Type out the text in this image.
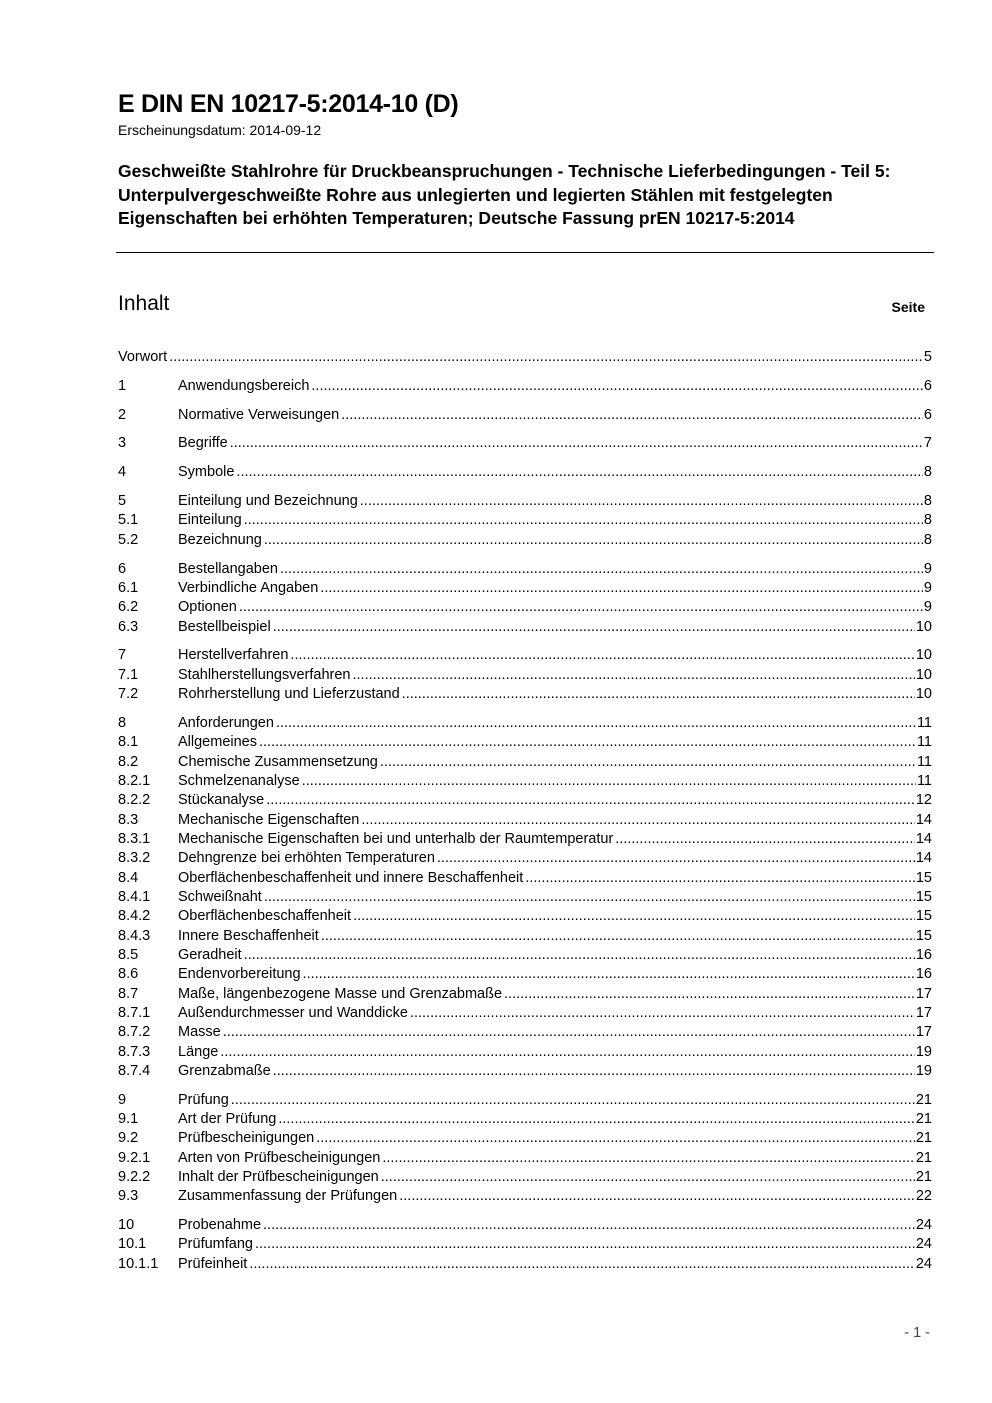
E DIN EN 10217-5:2014-10 (D)
Erscheinungsdatum: 2014-09-12
Geschweißte Stahlrohre für Druckbeanspruchungen - Technische Lieferbedingungen - Teil 5: Unterpulvergeschweißte Rohre aus unlegierten und legierten Stählen mit festgelegten Eigenschaften bei erhöhten Temperaturen; Deutsche Fassung prEN 10217-5:2014
Inhalt	Seite
Vorwort .....	5
1	Anwendungsbereich .....	6
2	Normative Verweisungen .....	6
3	Begriffe .....	7
4	Symbole .....	8
5	Einteilung und Bezeichnung .....	8
5.1	Einteilung .....	8
5.2	Bezeichnung .....	8
6	Bestellangaben .....	9
6.1	Verbindliche Angaben .....	9
6.2	Optionen .....	9
6.3	Bestellbeispiel .....	10
7	Herstellverfahren .....	10
7.1	Stahlherstellungsverfahren .....	10
7.2	Rohrherstellung und Lieferzustand .....	10
8	Anforderungen .....	11
8.1	Allgemeines .....	11
8.2	Chemische Zusammensetzung .....	11
8.2.1 Schmelzenanalyse .....	11
8.2.2 Stückanalyse .....	12
8.3	Mechanische Eigenschaften .....	14
8.3.1 Mechanische Eigenschaften bei und unterhalb der Raumtemperatur .....	14
8.3.2 Dehngrenze bei erhöhten Temperaturen .....	14
8.4	Oberflächenbeschaffenheit und innere Beschaffenheit .....	15
8.4.1 Schweißnaht .....	15
8.4.2 Oberflächenbeschaffenheit .....	15
8.4.3 Innere Beschaffenheit .....	15
8.5	Geradheit .....	16
8.6	Endenvorbereitung .....	16
8.7	Maße, längenbezogene Masse und Grenzabmaße .....	17
8.7.1 Außendurchmesser und Wanddicke .....	17
8.7.2 Masse .....	17
8.7.3 Länge .....	19
8.7.4 Grenzabmaße .....	19
9	Prüfung .....	21
9.1	Art der Prüfung .....	21
9.2	Prüfbescheinigungen .....	21
9.2.1 Arten von Prüfbescheinigungen .....	21
9.2.2 Inhalt der Prüfbescheinigungen .....	21
9.3	Zusammenfassung der Prüfungen .....	22
10	Probenahme .....	24
10.1 Prüfumfang .....	24
10.1.1 Prüfeinheit .....	24
- 1 -
